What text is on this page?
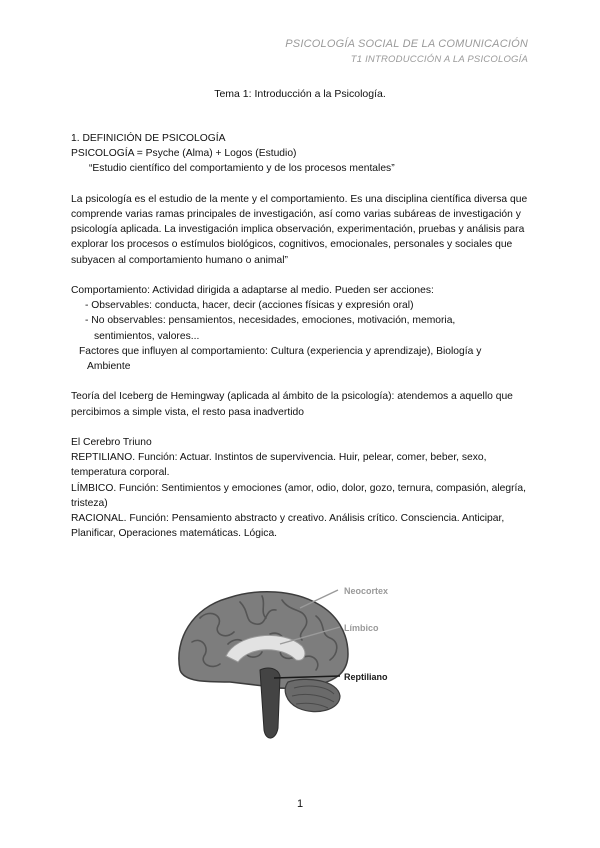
PSICOLOGÍA SOCIAL DE LA COMUNICACIÓN
T1 INTRODUCCIÓN A LA PSICOLOGÍA
Tema 1: Introducción a la Psicología.

1. DEFINICIÓN DE PSICOLOGÍA

PSICOLOGÍA = Psyche (Alma) + Logos (Estudio)

“Estudio científico del comportamiento y de los procesos mentales”

La psicología es el estudio de la mente y el comportamiento. Es una disciplina científica diversa que comprende varias ramas principales de investigación, así como varias subáreas de investigación y psicología aplicada. La investigación implica observación, experimentación, pruebas y análisis para explorar los procesos o estímulos biológicos, cognitivos, emocionales, personales y sociales que subyacen al comportamiento humano o animal”

Comportamiento: Actividad dirigida a adaptarse al medio. Pueden ser acciones:

- Observables: conducta, hacer, decir (acciones físicas y expresión oral)

- No observables: pensamientos, necesidades, emociones, motivación, memoria,

sentimientos, valores...

Factores que influyen al comportamiento: Cultura (experiencia y aprendizaje), Biología y

Ambiente

Teoría del Iceberg de Hemingway (aplicada al ámbito de la psicología): atendemos a aquello que percibimos a simple vista, el resto pasa inadvertido

El Cerebro Triuno

REPTILIANO. Función: Actuar. Instintos de supervivencia. Huir, pelear, comer, beber, sexo, temperatura corporal.

LÍMBICO. Función: Sentimientos y emociones (amor, odio, dolor, gozo, ternura, compasión, alegría, tristeza)

RACIONAL. Función: Pensamiento abstracto y creativo. Análisis crítico. Consciencia. Anticipar, Planificar, Operaciones matemáticas. Lógica.

Neocortex
Límbico
Reptiliano
1
